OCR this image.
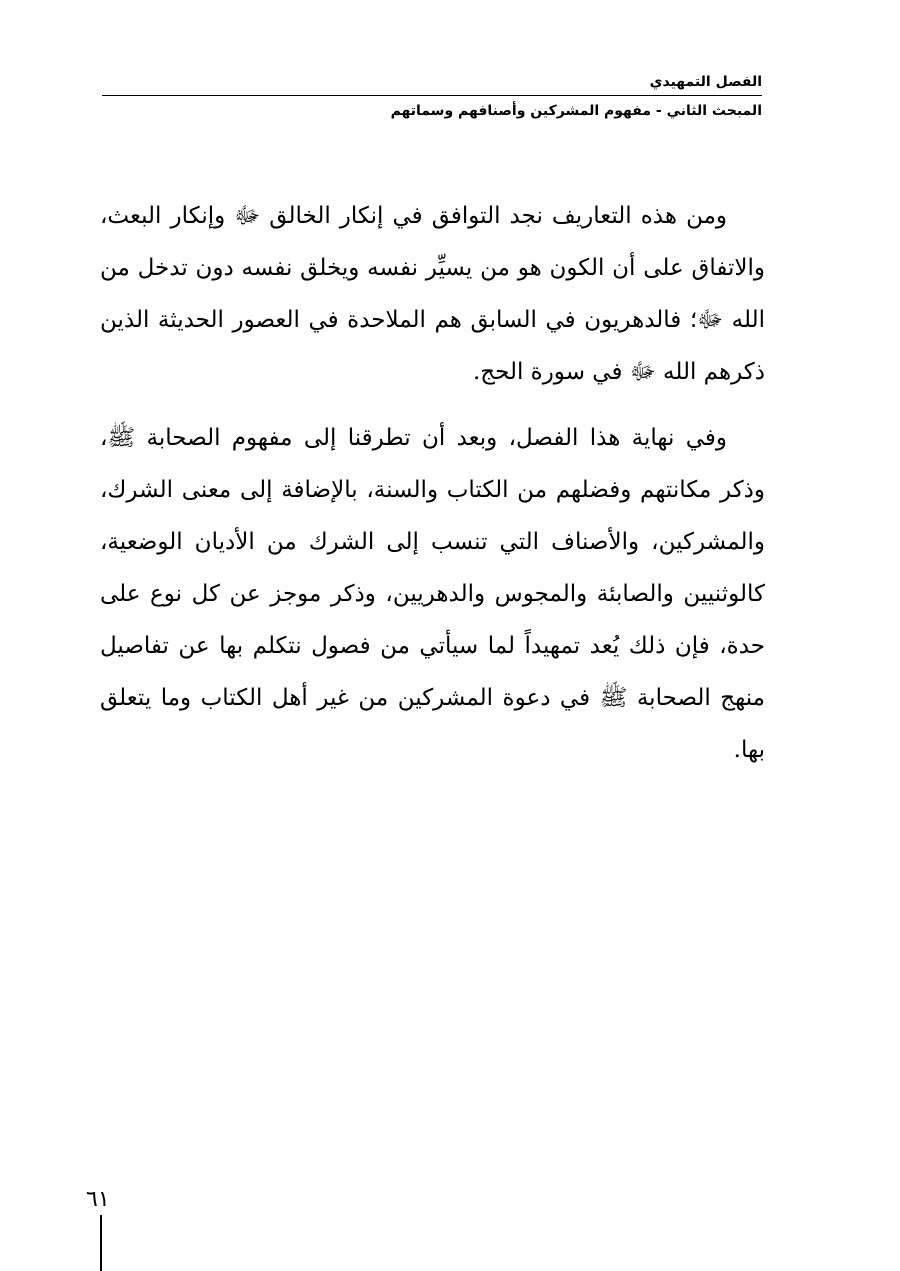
الفصل التمهيدي
المبحث الثاني - مفهوم المشركين وأصنافهم وسماتهم

ومن هذه التعاريف نجد التوافق في إنكار الخالق ﷻ وإنكار البعث، والاتفاق على أن الكون هو من يسيِّر نفسه ويخلق نفسه دون تدخل من الله ﷻ؛ فالدهريون في السابق هم الملاحدة في العصور الحديثة الذين ذكرهم الله ﷻ في سورة الحج.

وفي نهاية هذا الفصل، وبعد أن تطرقنا إلى مفهوم الصحابة ﷺ، وذكر مكانتهم وفضلهم من الكتاب والسنة، بالإضافة إلى معنى الشرك، والمشركين، والأصناف التي تنسب إلى الشرك من الأديان الوضعية، كالوثنيين والصابئة والمجوس والدهريين، وذكر موجز عن كل نوع على حدة، فإن ذلك يُعد تمهيداً لما سيأتي من فصول نتكلم بها عن تفاصيل منهج الصحابة ﷺ في دعوة المشركين من غير أهل الكتاب وما يتعلق بها.

٦١
